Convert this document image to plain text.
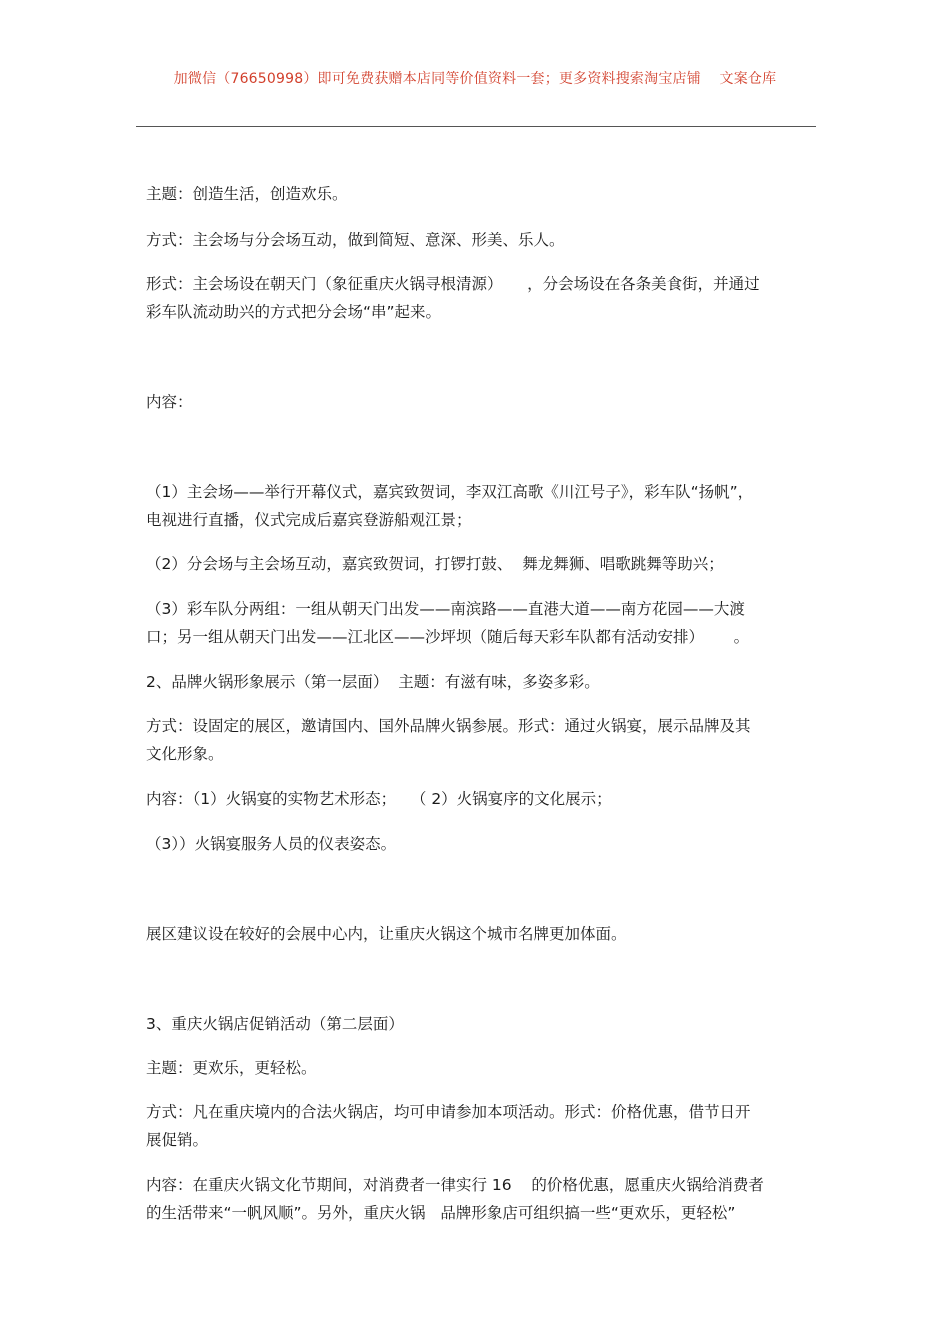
加微信（76650998）即可免费获赠本店同等价值资料一套；更多资料搜索淘宝店铺    文案仓库

主题：创造生活，创造欢乐。

方式：主会场与分会场互动，做到简短、意深、形美、乐人。

形式：主会场设在朝天门（象征重庆火锅寻根清源）     ，分会场设在各条美食街，并通过

彩车队流动助兴的方式把分会场“串”起来。

内容：

（1）主会场——举行开幕仪式，嘉宾致贺词，李双江高歌《川江号子》，彩车队“扬帆”，

电视进行直播，仪式完成后嘉宾登游船观江景；

（2）分会场与主会场互动，嘉宾致贺词，打锣打鼓、  舞龙舞狮、唱歌跳舞等助兴；

（3）彩车队分两组：一组从朝天门出发——南滨路——直港大道——南方花园——大渡

口；另一组从朝天门出发——江北区——沙坪坝（随后每天彩车队都有活动安排）      。

2、品牌火锅形象展示（第一层面）  主题：有滋有味，多姿多彩。

方式：设固定的展区，邀请国内、国外品牌火锅参展。形式：通过火锅宴，展示品牌及其

文化形象。

内容：（1）火锅宴的实物艺术形态；   （ 2）火锅宴序的文化展示；

（3））火锅宴服务人员的仪表姿态。

展区建议设在较好的会展中心内，让重庆火锅这个城市名牌更加体面。

3、重庆火锅店促销活动（第二层面）

主题：更欢乐，更轻松。

方式：凡在重庆境内的合法火锅店，均可申请参加本项活动。形式：价格优惠，借节日开

展促销。

内容：在重庆火锅文化节期间，对消费者一律实行 16    的价格优惠，愿重庆火锅给消费者

的生活带来“一帆风顺”。另外，重庆火锅   品牌形象店可组织搞一些“更欢乐，更轻松”
